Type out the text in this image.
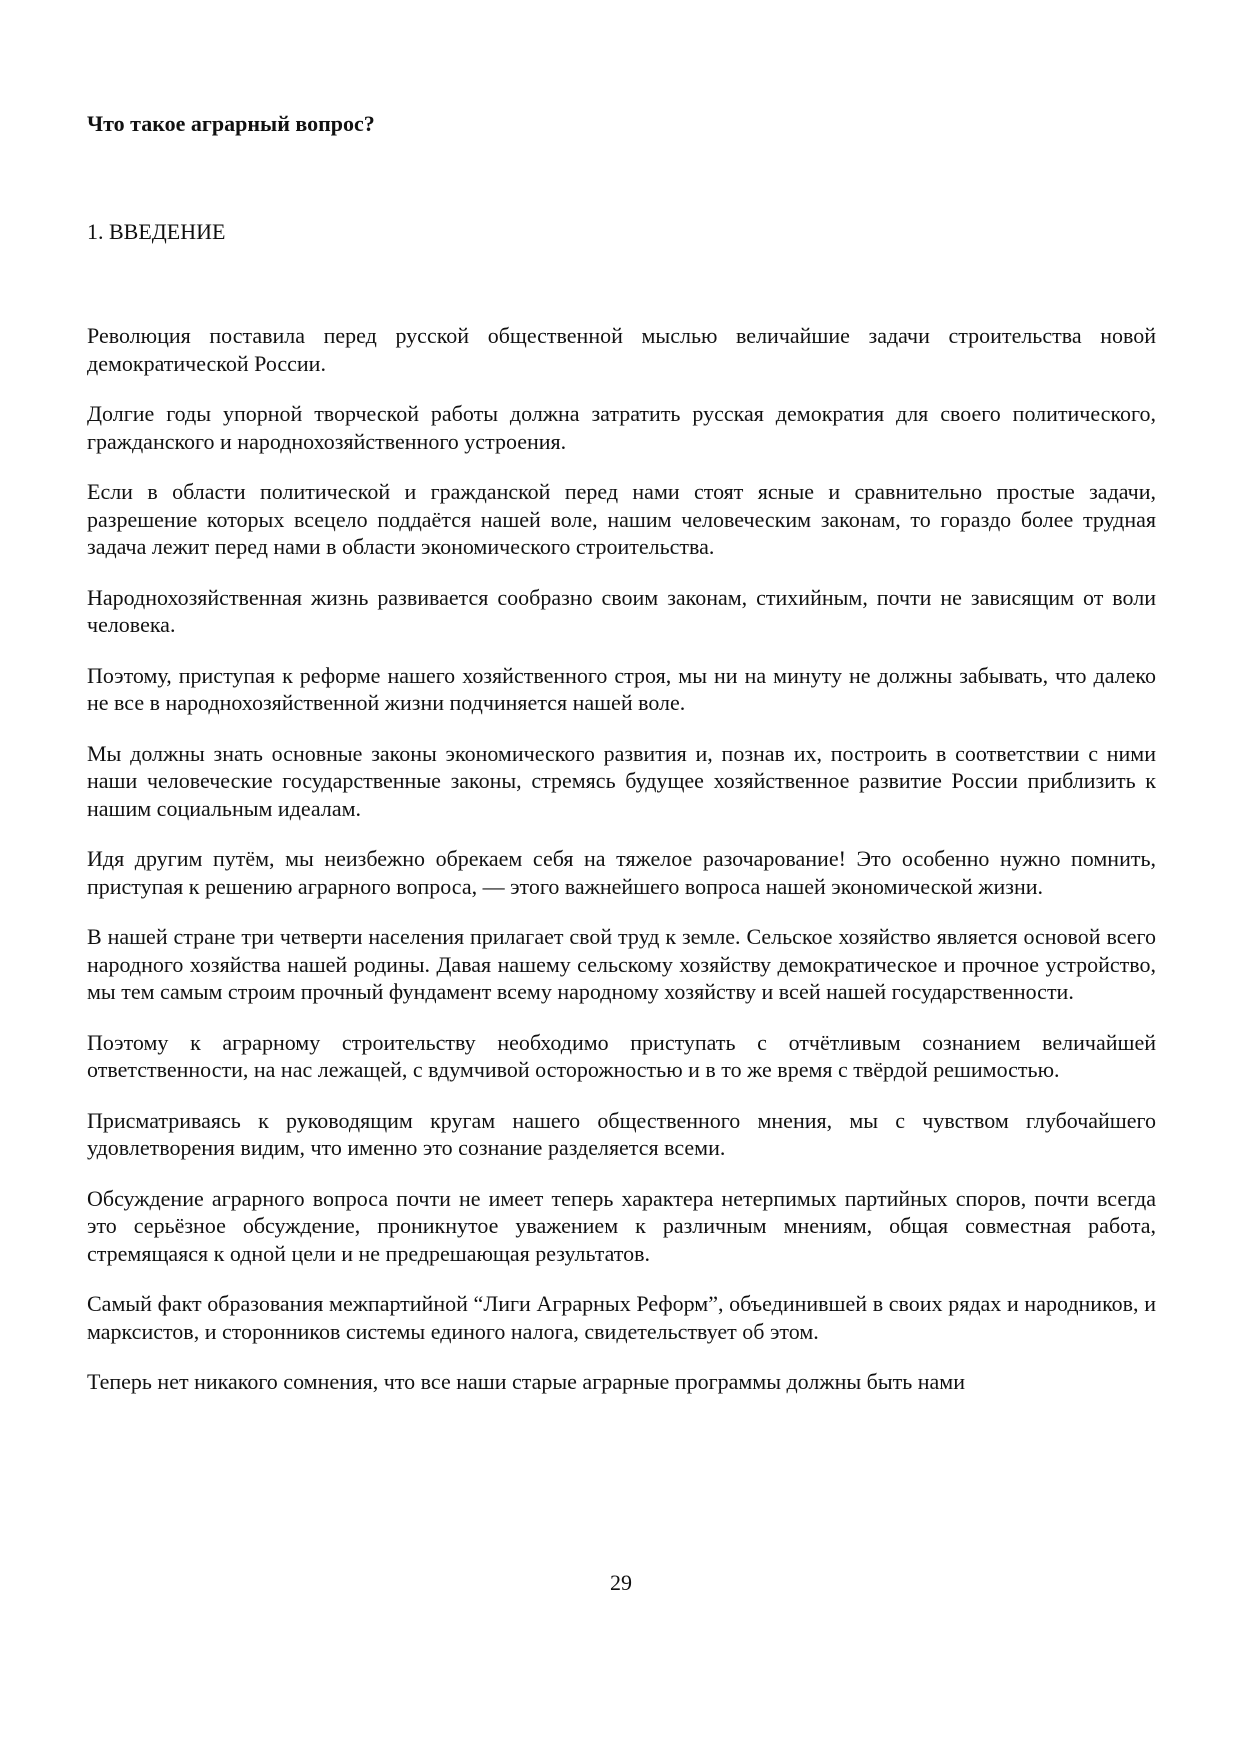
Что такое аграрный вопрос?
1. ВВЕДЕНИЕ

Революция поставила перед русской общественной мыслью величайшие задачи строительства новой демократической России.

Долгие годы упорной творческой работы должна затратить русская демократия для своего политического, гражданского и народнохозяйственного устроения.

Если в области политической и гражданской перед нами стоят ясные и сравнительно простые задачи, разрешение которых всецело поддаётся нашей воле, нашим человеческим законам, то гораздо более трудная задача лежит перед нами в области экономического строительства.

Народнохозяйственная жизнь развивается сообразно своим законам, стихийным, почти не зависящим от воли человека.

Поэтому, приступая к реформе нашего хозяйственного строя, мы ни на минуту не должны забывать, что далеко не все в народнохозяйственной жизни подчиняется нашей воле.

Мы должны знать основные законы экономического развития и, познав их, построить в соответствии с ними наши человеческие государственные законы, стремясь будущее хозяйственное развитие России приблизить к нашим социальным идеалам.

Идя другим путём, мы неизбежно обрекаем себя на тяжелое разочарование! Это особенно нужно помнить, приступая к решению аграрного вопроса, — этого важнейшего вопроса нашей экономической жизни.

В нашей стране три четверти населения прилагает свой труд к земле. Сельское хозяйство является основой всего народного хозяйства нашей родины. Давая нашему сельскому хозяйству демократическое и прочное устройство, мы тем самым строим прочный фундамент всему народному хозяйству и всей нашей государственности.

Поэтому к аграрному строительству необходимо приступать с отчётливым сознанием величайшей ответственности, на нас лежащей, с вдумчивой осторожностью и в то же время с твёрдой решимостью.

Присматриваясь к руководящим кругам нашего общественного мнения, мы с чувством глубочайшего удовлетворения видим, что именно это сознание разделяется всеми.

Обсуждение аграрного вопроса почти не имеет теперь характера нетерпимых партийных споров, почти всегда это серьёзное обсуждение, проникнутое уважением к различным мнениям, общая совместная работа, стремящаяся к одной цели и не предрешающая результатов.

Самый факт образования межпартийной “Лиги Аграрных Реформ”, объединившей в своих рядах и народников, и марксистов, и сторонников системы единого налога, свидетельствует об этом.

Теперь нет никакого сомнения, что все наши старые аграрные программы должны быть нами

29
